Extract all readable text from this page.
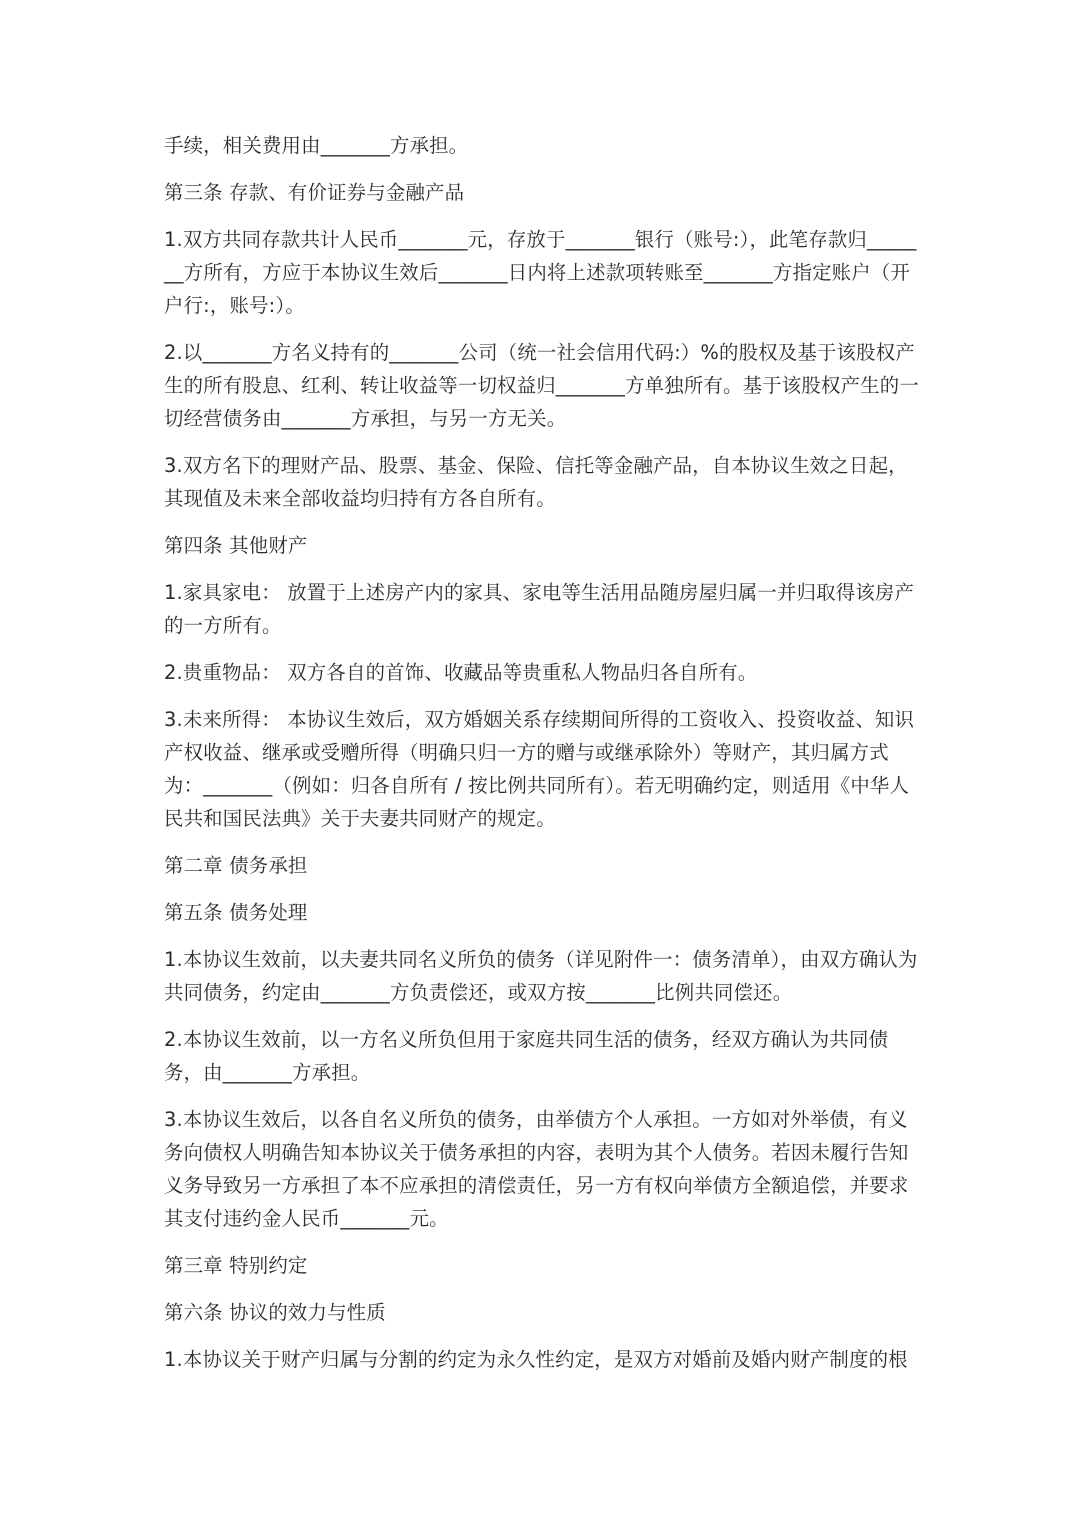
手续，相关费用由_______方承担。

第三条 存款、有价证券与金融产品

1.双方共同存款共计人民币_______元，存放于_______银行（账号:），此笔存款归_______方所有，方应于本协议生效后_______日内将上述款项转账至_______方指定账户（开户行:，账号:）。

2.以_______方名义持有的_______公司（统一社会信用代码:）%的股权及基于该股权产生的所有股息、红利、转让收益等一切权益归_______方单独所有。基于该股权产生的一切经营债务由_______方承担，与另一方无关。

3.双方名下的理财产品、股票、基金、保险、信托等金融产品，自本协议生效之日起，其现值及未来全部收益均归持有方各自所有。

第四条 其他财产

1.家具家电： 放置于上述房产内的家具、家电等生活用品随房屋归属一并归取得该房产的一方所有。

2.贵重物品： 双方各自的首饰、收藏品等贵重私人物品归各自所有。

3.未来所得： 本协议生效后，双方婚姻关系存续期间所得的工资收入、投资收益、知识产权收益、继承或受赠所得（明确只归一方的赠与或继承除外）等财产，其归属方式为：_______（例如：归各自所有 / 按比例共同所有）。若无明确约定，则适用《中华人民共和国民法典》关于夫妻共同财产的规定。

第二章 债务承担

第五条 债务处理

1.本协议生效前，以夫妻共同名义所负的债务（详见附件一：债务清单），由双方确认为共同债务，约定由_______方负责偿还，或双方按_______比例共同偿还。

2.本协议生效前，以一方名义所负但用于家庭共同生活的债务，经双方确认为共同债务，由_______方承担。

3.本协议生效后，以各自名义所负的债务，由举债方个人承担。一方如对外举债，有义务向债权人明确告知本协议关于债务承担的内容，表明为其个人债务。若因未履行告知义务导致另一方承担了本不应承担的清偿责任，另一方有权向举债方全额追偿，并要求其支付违约金人民币_______元。

第三章 特别约定

第六条 协议的效力与性质

1.本协议关于财产归属与分割的约定为永久性约定，是双方对婚前及婚内财产制度的根
